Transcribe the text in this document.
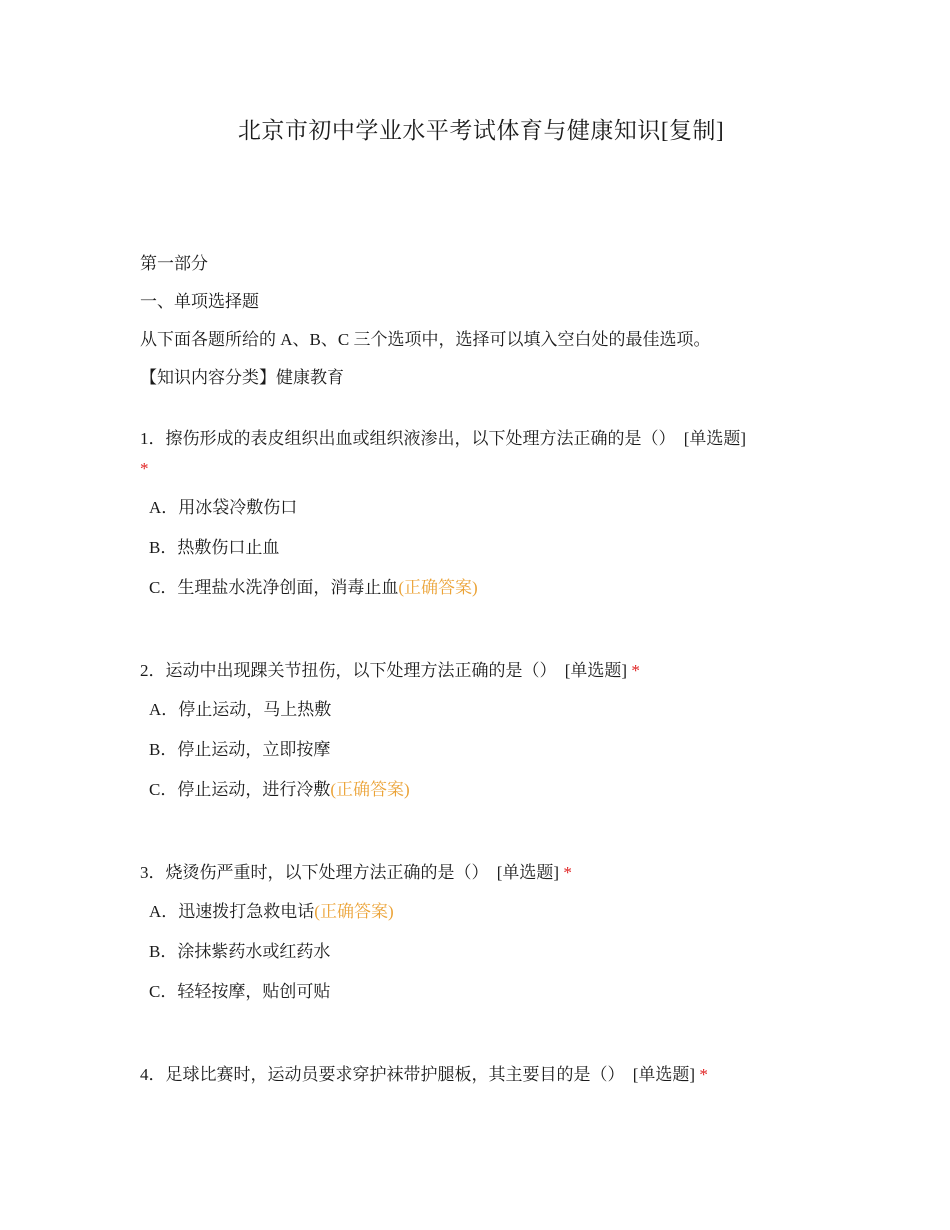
北京市初中学业水平考试体育与健康知识[复制]
第一部分
一、单项选择题
从下面各题所给的 A、B、C 三个选项中，选择可以填入空白处的最佳选项。
【知识内容分类】健康教育
1．擦伤形成的表皮组织出血或组织液渗出，以下处理方法正确的是（） [单选题]
*
A．用冰袋冷敷伤口
B．热敷伤口止血
C．生理盐水洗净创面，消毒止血(正确答案)
2．运动中出现踝关节扭伤，以下处理方法正确的是（） [单选题] *
A．停止运动，马上热敷
B．停止运动，立即按摩
C．停止运动，进行冷敷(正确答案)
3．烧烫伤严重时，以下处理方法正确的是（） [单选题] *
A．迅速拨打急救电话(正确答案)
B．涂抹紫药水或红药水
C．轻轻按摩，贴创可贴
4．足球比赛时，运动员要求穿护袜带护腿板，其主要目的是（） [单选题] *
